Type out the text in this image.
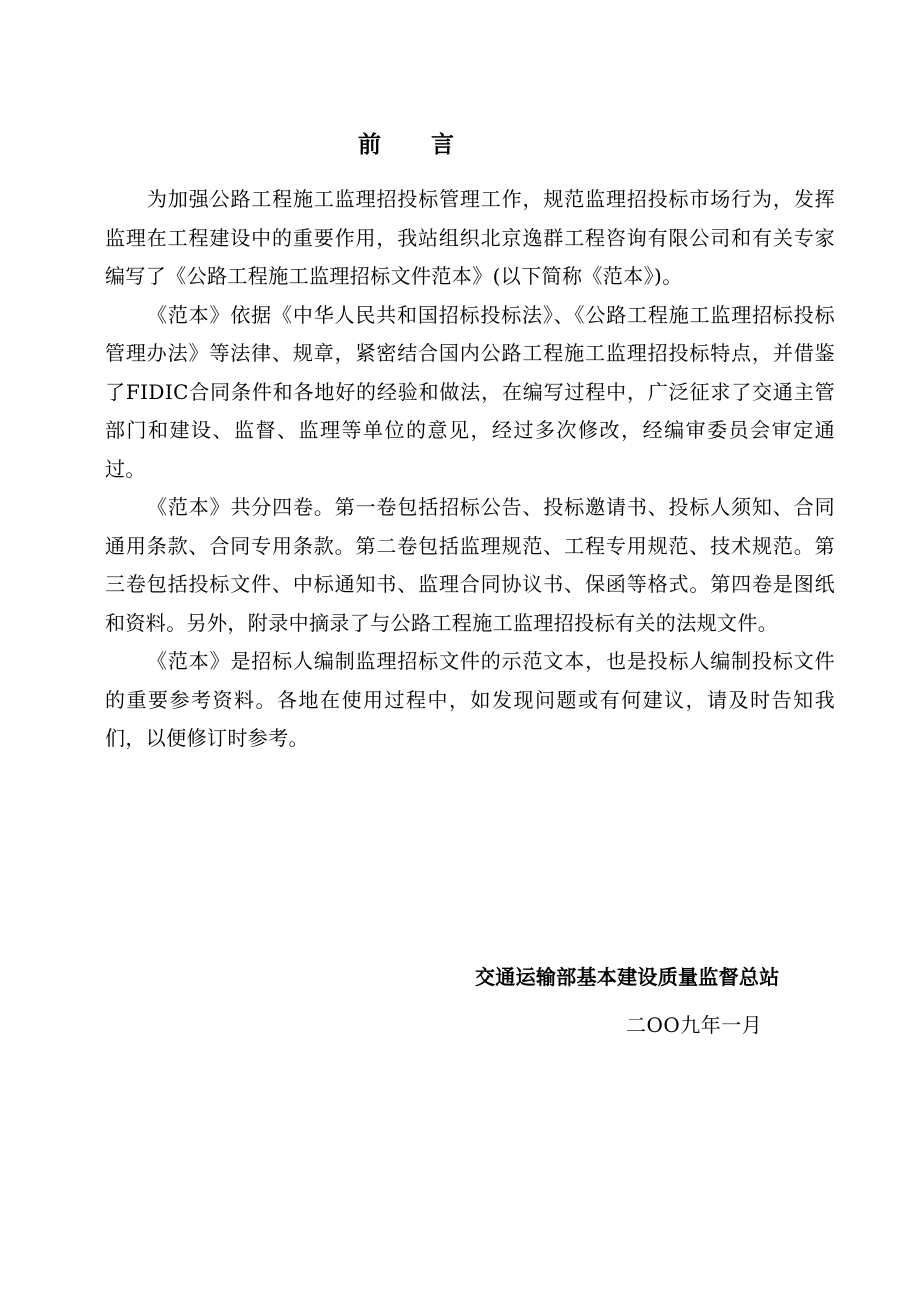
前言

为加强公路工程施工监理招投标管理工作，规范监理招投标市场行为，发挥监理在工程建设中的重要作用，我站组织北京逸群工程咨询有限公司和有关专家编写了《公路工程施工监理招标文件范本》(以下简称《范本》)。

《范本》依据《中华人民共和国招标投标法》、《公路工程施工监理招标投标管理办法》等法律、规章，紧密结合国内公路工程施工监理招投标特点，并借鉴了FIDIC合同条件和各地好的经验和做法，在编写过程中，广泛征求了交通主管部门和建设、监督、监理等单位的意见，经过多次修改，经编审委员会审定通过。

《范本》共分四卷。第一卷包括招标公告、投标邀请书、投标人须知、合同通用条款、合同专用条款。第二卷包括监理规范、工程专用规范、技术规范。第三卷包括投标文件、中标通知书、监理合同协议书、保函等格式。第四卷是图纸和资料。另外，附录中摘录了与公路工程施工监理招投标有关的法规文件。

《范本》是招标人编制监理招标文件的示范文本，也是投标人编制投标文件的重要参考资料。各地在使用过程中，如发现问题或有何建议，请及时告知我们，以便修订时参考。

交通运输部基本建设质量监督总站
二OO九年一月
